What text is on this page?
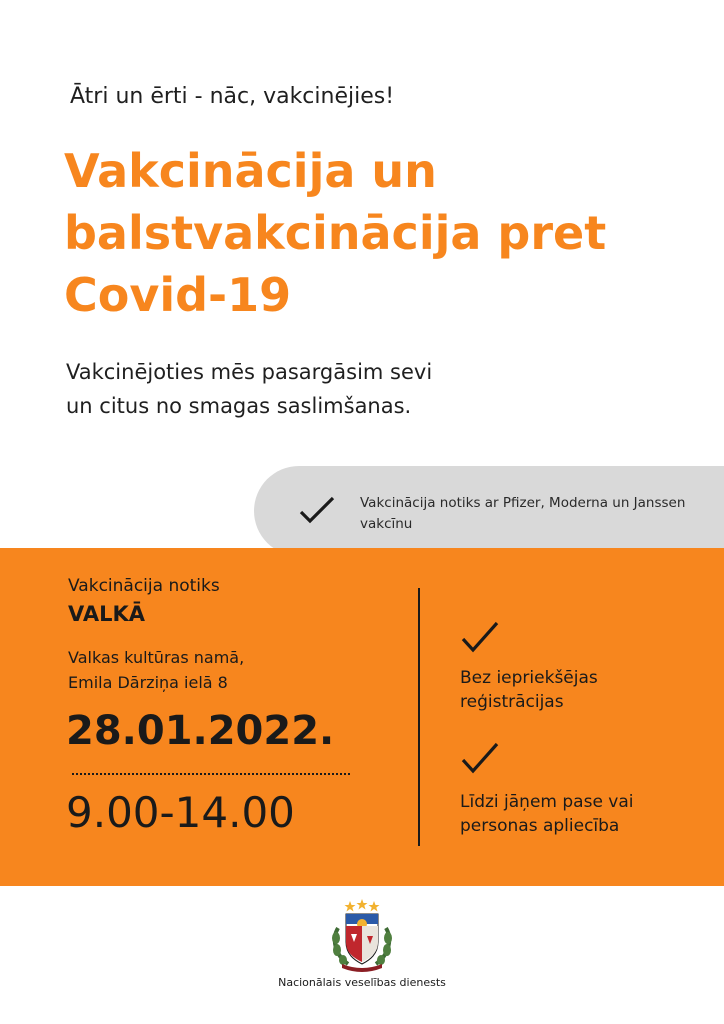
Ātri un ērti - nāc, vakcinējies!
Vakcinācija un
balstvakcinācija pret
Covid-19
Vakcinējoties mēs pasargāsim sevi
un citus no smagas saslimšanas.
Vakcinācija notiks ar Pfizer, Moderna un Janssen vakcīnu
Vakcinācija notiks
VALKĀ
Valkas kultūras namā,
Emila Dārziņa ielā 8
28.01.2022.
9.00-14.00
Bez iepriekšējas
reģistrācijas
Līdzi jāņem pase vai
personas apliecība
Nacionālais veselības dienests
